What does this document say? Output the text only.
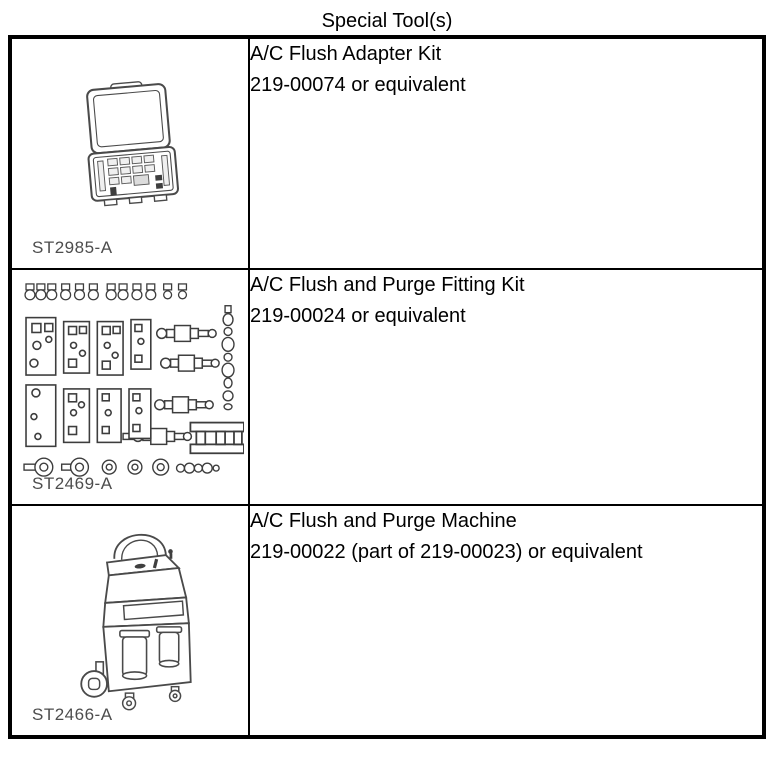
Special Tool(s)
ST2985-A	A/C Flush Adapter Kit
219-00074 or equivalent

ST2469-A	A/C Flush and Purge Fitting Kit
219-00024 or equivalent

ST2466-A	A/C Flush and Purge Machine
219-00022 (part of 219-00023) or equivalent
